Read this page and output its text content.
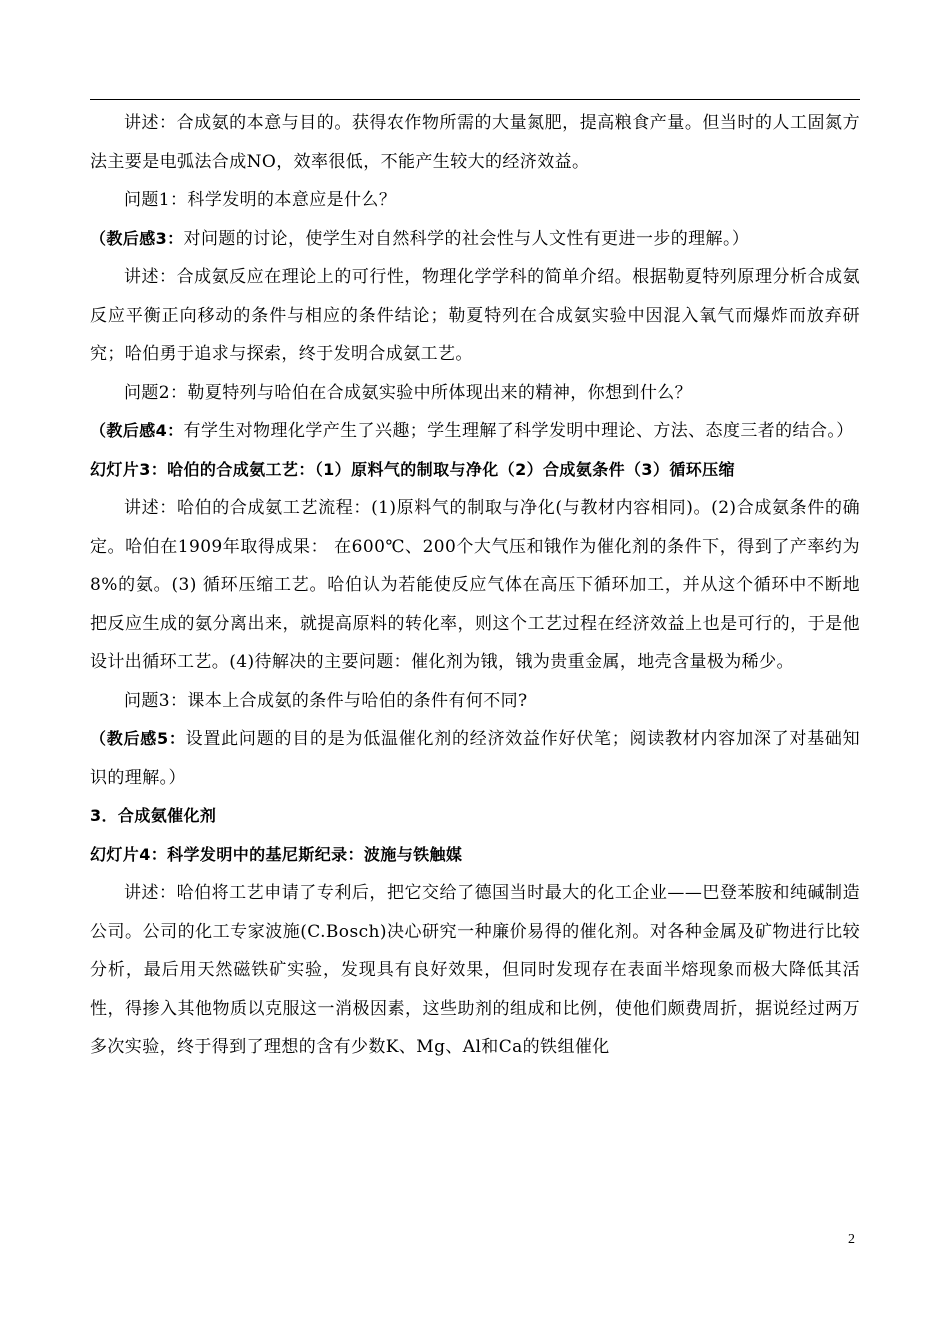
讲述：合成氨的本意与目的。获得农作物所需的大量氮肥，提高粮食产量。但当时的人工固氮方法主要是电弧法合成NO，效率很低，不能产生较大的经济效益。

问题1：科学发明的本意应是什么？

（教后感3：对问题的讨论，使学生对自然科学的社会性与人文性有更进一步的理解。）

讲述：合成氨反应在理论上的可行性，物理化学学科的简单介绍。根据勒夏特列原理分析合成氨反应平衡正向移动的条件与相应的条件结论；勒夏特列在合成氨实验中因混入氧气而爆炸而放弃研究；哈伯勇于追求与探索，终于发明合成氨工艺。

问题2：勒夏特列与哈伯在合成氨实验中所体现出来的精神，你想到什么？

（教后感4：有学生对物理化学产生了兴趣；学生理解了科学发明中理论、方法、态度三者的结合。）

幻灯片3：哈伯的合成氨工艺：（1）原料气的制取与净化（2）合成氨条件（3）循环压缩

讲述：哈伯的合成氨工艺流程：(1)原料气的制取与净化(与教材内容相同)。(2)合成氨条件的确定。哈伯在1909年取得成果： 在600℃、200个大气压和锇作为催化剂的条件下，得到了产率约为8%的氨。(3) 循环压缩工艺。哈伯认为若能使反应气体在高压下循环加工，并从这个循环中不断地把反应生成的氨分离出来，就提高原料的转化率，则这个工艺过程在经济效益上也是可行的，于是他设计出循环工艺。(4)待解决的主要问题：催化剂为锇，锇为贵重金属，地壳含量极为稀少。

问题3：课本上合成氨的条件与哈伯的条件有何不同?

（教后感5：设置此问题的目的是为低温催化剂的经济效益作好伏笔；阅读教材内容加深了对基础知识的理解。）

3．合成氨催化剂

幻灯片4：科学发明中的基尼斯纪录：波施与铁触媒

讲述：哈伯将工艺申请了专利后，把它交给了德国当时最大的化工企业——巴登苯胺和纯碱制造公司。公司的化工专家波施(C.Bosch)决心研究一种廉价易得的催化剂。对各种金属及矿物进行比较分析，最后用天然磁铁矿实验，发现具有良好效果，但同时发现存在表面半熔现象而极大降低其活性，得掺入其他物质以克服这一消极因素，这些助剂的组成和比例，使他们颇费周折，据说经过两万多次实验，终于得到了理想的含有少数K、Mg、Al和Ca的铁组催化

2
